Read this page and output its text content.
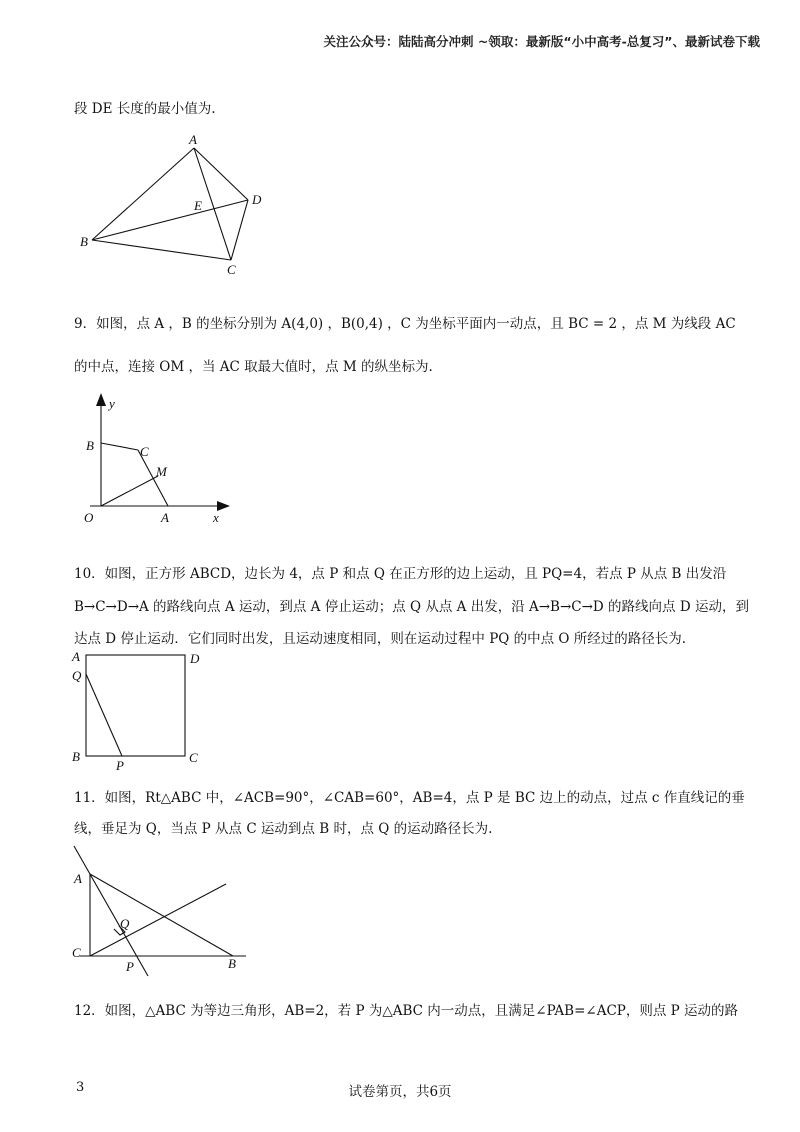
关注公众号：陆陆高分冲刺 ~领取：最新版“小中高考-总复习”、最新试卷下载
段 DE 长度的最小值为.
A
B
C
D
E
9．如图，点 A ，B 的坐标分别为 A(4,0) ，B(0,4) ，C 为坐标平面内一动点，且 BC = 2 ，点 M 为线段 AC
的中点，连接 OM ，当 AC 取最大值时，点 M 的纵坐标为.
y
x
O	A
B	C
M
10．如图，正方形 ABCD，边长为 4，点 P 和点 Q 在正方形的边上运动，且 PQ=4，若点 P 从点 B 出发沿
B→C→D→A 的路线向点 A 运动，到点 A 停止运动；点 Q 从点 A 出发，沿 A→B→C→D 的路线向点 D 运动，到
达点 D 停止运动．它们同时出发，且运动速度相同，则在运动过程中 PQ 的中点 O 所经过的路径长为.
A	D
Q
B	C
P
11．如图，Rt△ABC 中，∠ACB=90°，∠CAB=60°，AB=4，点 P 是 BC 边上的动点，过点 c 作直线记的垂
线，垂足为 Q，当点 P 从点 C 运动到点 B 时，点 Q 的运动路径长为.
A
C
Q
P	B
12．如图，△ABC 为等边三角形，AB=2，若 P 为△ABC 内一动点，且满足∠PAB=∠ACP，则点 P 运动的路
3	试卷第页，共6页
